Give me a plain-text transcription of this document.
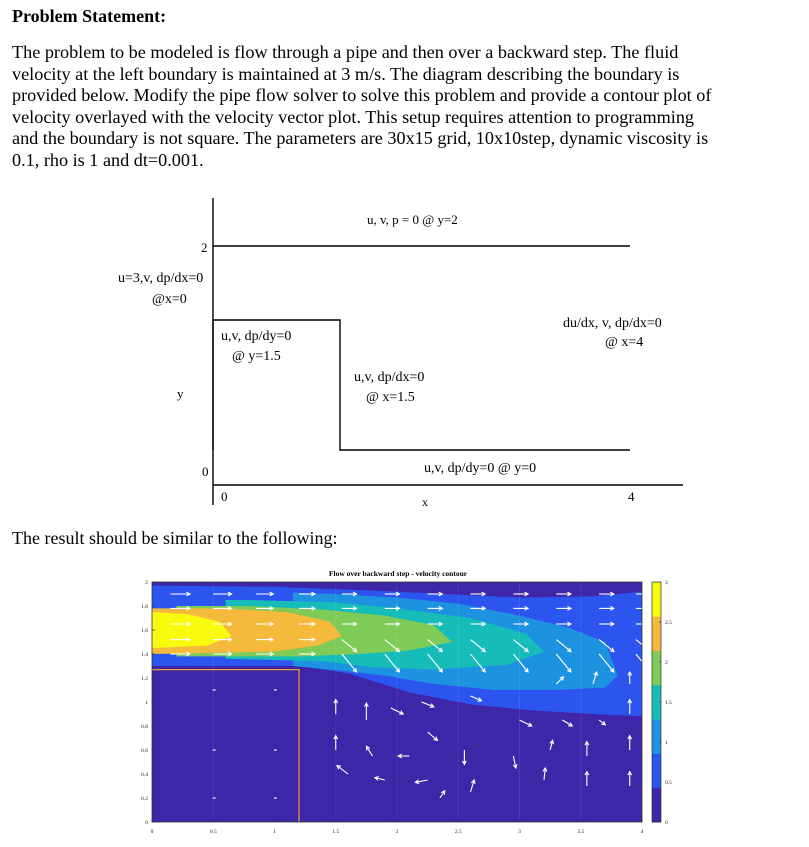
Problem Statement:
The problem to be modeled is flow through a pipe and then over a backward step. The fluid
velocity at the left boundary is maintained at 3 m/s. The diagram describing the boundary is
provided below. Modify the pipe flow solver to solve this problem and provide a contour plot of
velocity overlayed with the velocity vector plot. This setup requires attention to programming
and the boundary is not square. The parameters are 30x15 grid, 10x10step, dynamic viscosity is
0.1, rho is 1 and dt=0.001.
u, v, p = 0 @ y=2
2
u=3,v, dp/dx=0
@x=0
du/dx, v, dp/dx=0
@ x=4
u,v, dp/dy=0
@ y=1.5
u,v, dp/dx=0
@ x=1.5
y
0	u,v, dp/dy=0 @ y=0
0	x	4
The result should be similar to the following:
Flow over backward step - velocity contour
0	0.5	1	1.5	2	2.5	3	3.5	4
0
0.2
0.4
0.6
0.8
1
1.2
1.4
1.6
1.8
2
0
0.5
1
1.5
2
2.5
3
